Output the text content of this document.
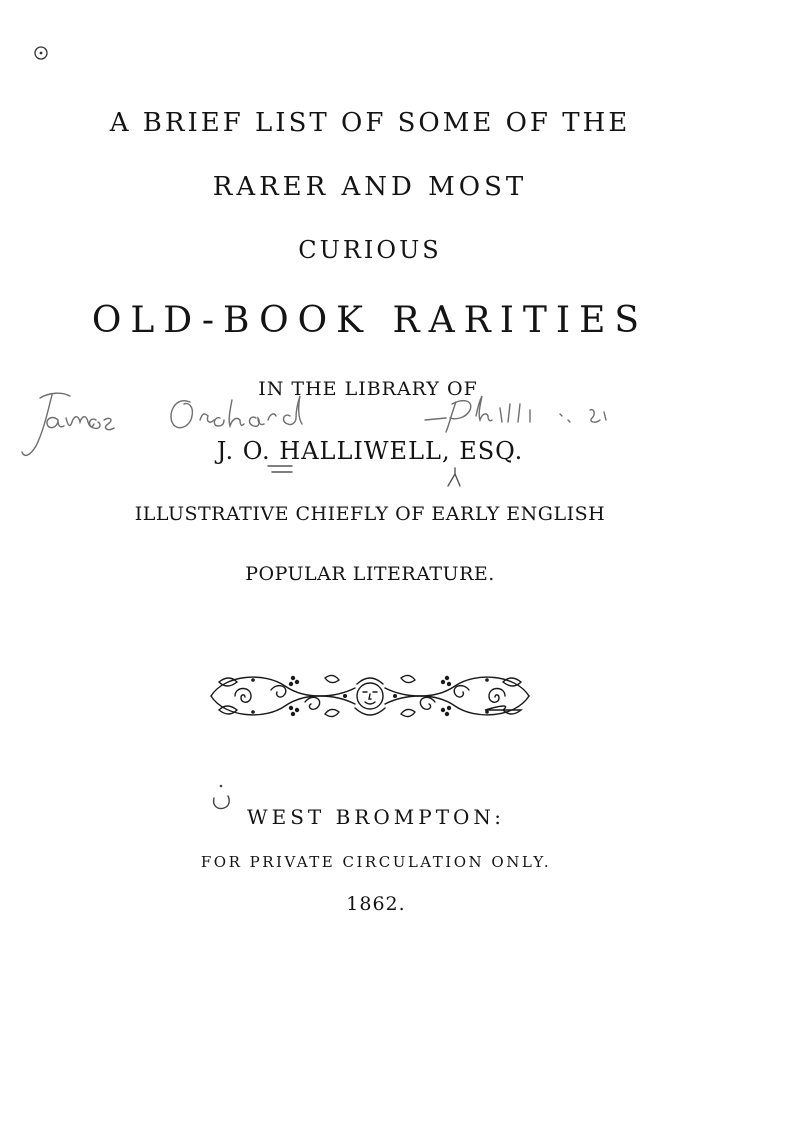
A BRIEF LIST OF SOME OF THE
RARER AND MOST
CURIOUS
OLD-BOOK RARITIES
IN THE LIBRARY OF
J. O. HALLIWELL, ESQ.
ILLUSTRATIVE CHIEFLY OF EARLY ENGLISH
POPULAR LITERATURE.
WEST BROMPTON:
FOR PRIVATE CIRCULATION ONLY.
1862.
